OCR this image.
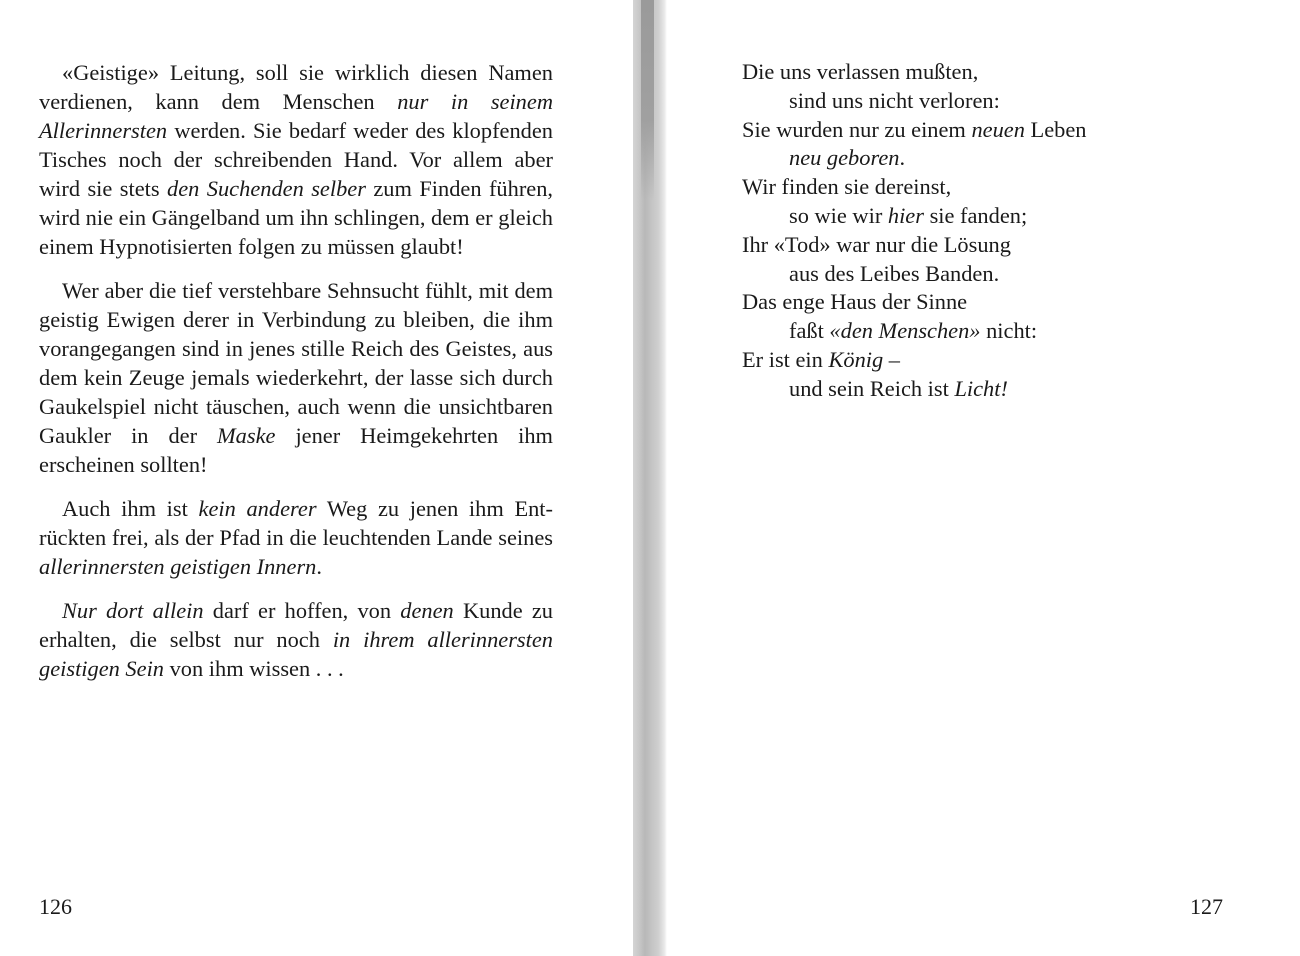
«Geistige» Leitung, soll sie wirklich diesen Namen verdienen, kann dem Menschen nur in seinem Allerinnersten werden. Sie bedarf weder des klopfenden Tisches noch der schreibenden Hand. Vor allem aber wird sie stets den Suchenden selber zum Finden führen, wird nie ein Gängelband um ihn schlingen, dem er gleich einem Hypnotisierten folgen zu müssen glaubt!

Wer aber die tief verstehbare Sehnsucht fühlt, mit dem geistig Ewigen derer in Verbindung zu bleiben, die ihm vorangegangen sind in jenes stille Reich des Geistes, aus dem kein Zeuge jemals wiederkehrt, der lasse sich durch Gaukelspiel nicht täuschen, auch wenn die unsichtbaren Gaukler in der Maske jener Heimgekehrten ihm erscheinen sollten!

Auch ihm ist kein anderer Weg zu jenen ihm Entrückten frei, als der Pfad in die leuchtenden Lande seines allerinnersten geistigen Innern.

Nur dort allein darf er hoffen, von denen Kunde zu erhalten, die selbst nur noch in ihrem allerinnersten geistigen Sein von ihm wissen . . .

126	127
Die uns verlassen mußten,
sind uns nicht verloren:
Sie wurden nur zu einem neuen Leben
neu geboren.
Wir finden sie dereinst,
so wie wir hier sie fanden;
Ihr «Tod» war nur die Lösung
aus des Leibes Banden.
Das enge Haus der Sinne
faßt «den Menschen» nicht:
Er ist ein König –
und sein Reich ist Licht!
